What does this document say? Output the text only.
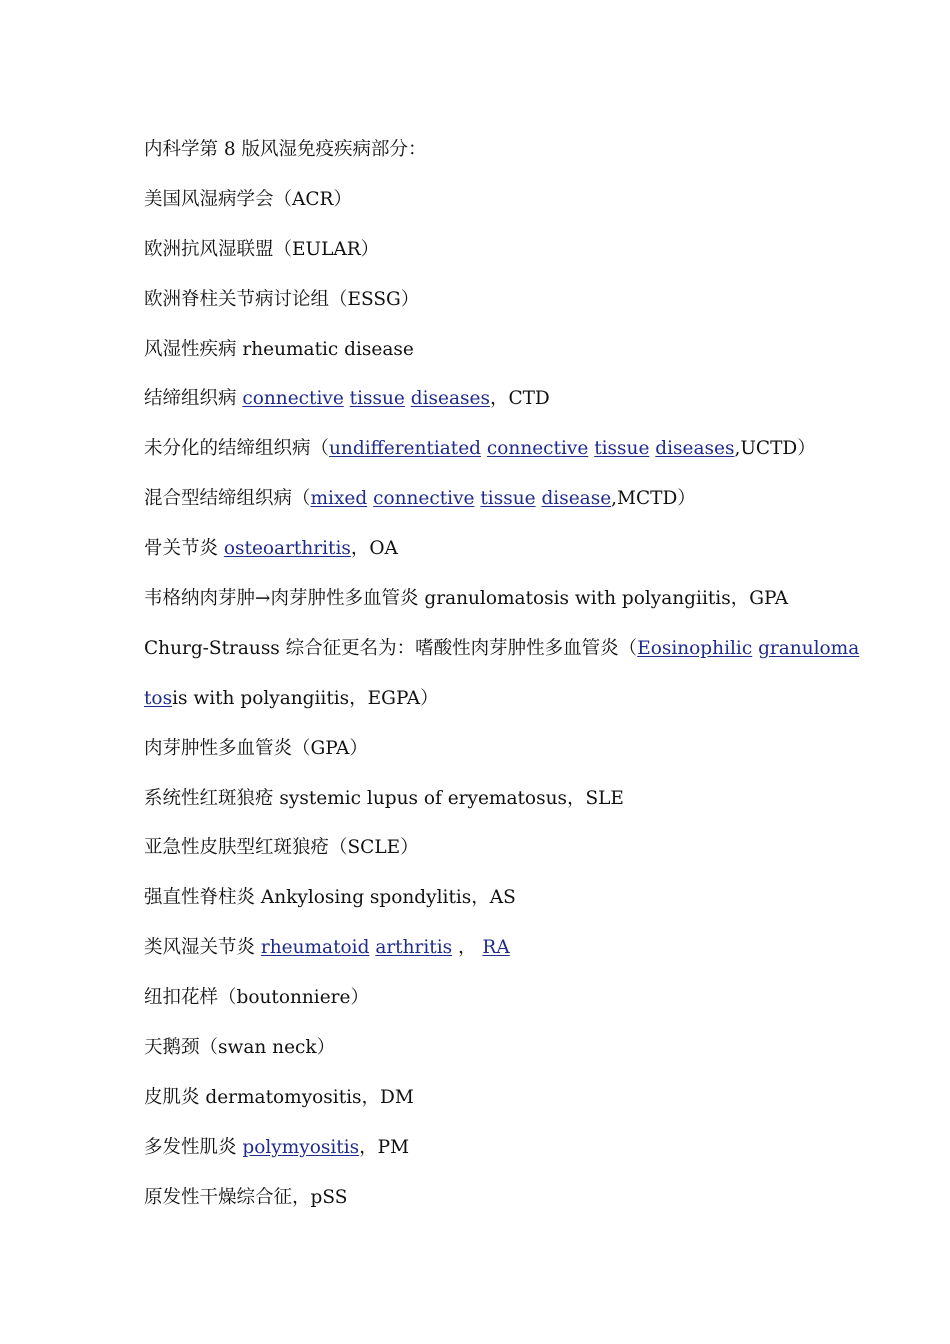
内科学第 8 版风湿免疫疾病部分：
美国风湿病学会（ACR）
欧洲抗风湿联盟（EULAR）
欧洲脊柱关节病讨论组（ESSG）
风湿性疾病 rheumatic disease
结缔组织病 connective tissue diseases，CTD
未分化的结缔组织病（undifferentiated connective tissue diseases,UCTD）
混合型结缔组织病（mixed connective tissue disease,MCTD）
骨关节炎 osteoarthritis，OA
韦格纳肉芽肿→肉芽肿性多血管炎 granulomatosis with polyangiitis，GPA
Churg-Strauss 综合征更名为：嗜酸性肉芽肿性多血管炎（Eosinophilic granuloma
tosis with polyangiitis，EGPA）
肉芽肿性多血管炎（GPA）
系统性红斑狼疮 systemic lupus of eryematosus，SLE
亚急性皮肤型红斑狼疮（SCLE）
强直性脊柱炎 Ankylosing spondylitis，AS
类风湿关节炎 rheumatoid arthritis ， RA
纽扣花样（boutonniere）
天鹅颈（swan neck）
皮肌炎 dermatomyositis，DM
多发性肌炎 polymyositis，PM
原发性干燥综合征，pSS
